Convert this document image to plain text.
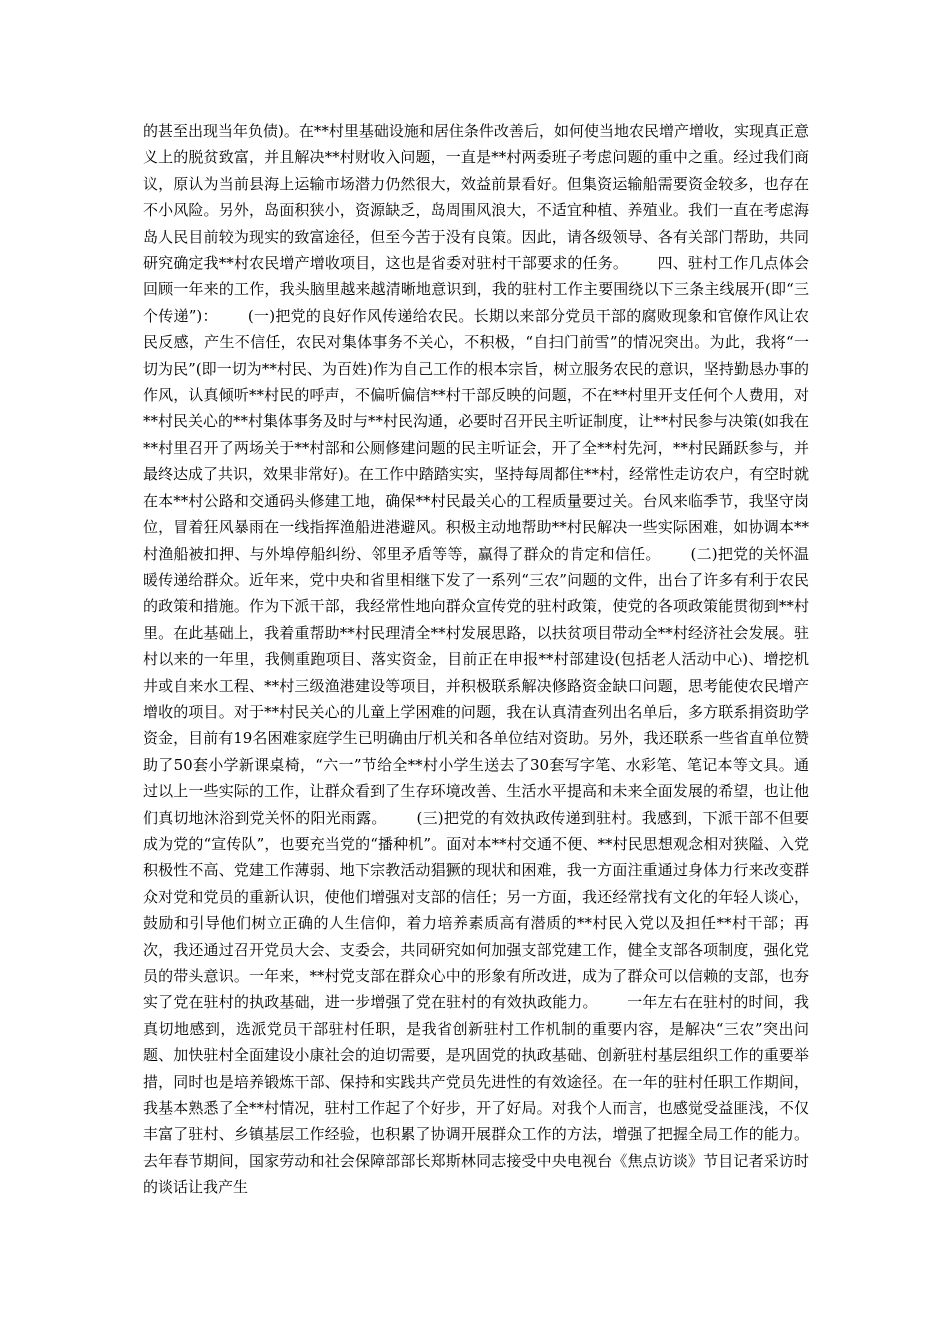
的甚至出现当年负债)。在**村里基础设施和居住条件改善后，如何使当地农民增产增收，实现真正意义上的脱贫致富，并且解决**村财收入问题，一直是**村两委班子考虑问题的重中之重。经过我们商议，原认为当前县海上运输市场潜力仍然很大，效益前景看好。但集资运输船需要资金较多，也存在不小风险。另外，岛面积狭小，资源缺乏，岛周围风浪大，不适宜种植、养殖业。我们一直在考虑海岛人民目前较为现实的致富途径，但至今苦于没有良策。因此，请各级领导、各有关部门帮助，共同研究确定我**村农民增产增收项目，这也是省委对驻村干部要求的任务。      四、驻村工作几点体会      回顾一年来的工作，我头脑里越来越清晰地意识到，我的驻村工作主要围绕以下三条主线展开(即“三个传递”)：      (一)把党的良好作风传递给农民。长期以来部分党员干部的腐败现象和官僚作风让农民反感，产生不信任，农民对集体事务不关心，不积极，“自扫门前雪”的情况突出。为此，我将“一切为民”(即一切为**村民、为百姓)作为自己工作的根本宗旨，树立服务农民的意识，坚持勤恳办事的作风，认真倾听**村民的呼声，不偏听偏信**村干部反映的问题，不在**村里开支任何个人费用，对**村民关心的**村集体事务及时与**村民沟通，必要时召开民主听证制度，让**村民参与决策(如我在**村里召开了两场关于**村部和公厕修建问题的民主听证会，开了全**村先河，**村民踊跃参与，并最终达成了共识，效果非常好)。在工作中踏踏实实，坚持每周都住**村，经常性走访农户，有空时就在本**村公路和交通码头修建工地，确保**村民最关心的工程质量要过关。台风来临季节，我坚守岗位，冒着狂风暴雨在一线指挥渔船进港避风。积极主动地帮助**村民解决一些实际困难，如协调本**村渔船被扣押、与外埠停船纠纷、邻里矛盾等等，赢得了群众的肯定和信任。      (二)把党的关怀温暖传递给群众。近年来，党中央和省里相继下发了一系列“三农”问题的文件，出台了许多有利于农民的政策和措施。作为下派干部，我经常性地向群众宣传党的驻村政策，使党的各项政策能贯彻到**村里。在此基础上，我着重帮助**村民理清全**村发展思路，以扶贫项目带动全**村经济社会发展。驻村以来的一年里，我侧重跑项目、落实资金，目前正在申报**村部建设(包括老人活动中心)、增挖机井或自来水工程、**村三级渔港建设等项目，并积极联系解决修路资金缺口问题，思考能使农民增产增收的项目。对于**村民关心的儿童上学困难的问题，我在认真清查列出名单后，多方联系捐资助学资金，目前有19名困难家庭学生已明确由厅机关和各单位结对资助。另外，我还联系一些省直单位赞助了50套小学新课桌椅，“六一”节给全**村小学生送去了30套写字笔、水彩笔、笔记本等文具。通过以上一些实际的工作，让群众看到了生存环境改善、生活水平提高和未来全面发展的希望，也让他们真切地沐浴到党关怀的阳光雨露。      (三)把党的有效执政传递到驻村。我感到，下派干部不但要成为党的“宣传队”，也要充当党的“播种机”。面对本**村交通不便、**村民思想观念相对狭隘、入党积极性不高、党建工作薄弱、地下宗教活动猖獗的现状和困难，我一方面注重通过身体力行来改变群众对党和党员的重新认识，使他们增强对支部的信任；另一方面，我还经常找有文化的年轻人谈心，鼓励和引导他们树立正确的人生信仰，着力培养素质高有潜质的**村民入党以及担任**村干部；再次，我还通过召开党员大会、支委会，共同研究如何加强支部党建工作，健全支部各项制度，强化党员的带头意识。一年来，**村党支部在群众心中的形象有所改进，成为了群众可以信赖的支部，也夯实了党在驻村的执政基础，进一步增强了党在驻村的有效执政能力。      一年左右在驻村的时间，我真切地感到，选派党员干部驻村任职，是我省创新驻村工作机制的重要内容，是解决“三农”突出问题、加快驻村全面建设小康社会的迫切需要，是巩固党的执政基础、创新驻村基层组织工作的重要举措，同时也是培养锻炼干部、保持和实践共产党员先进性的有效途径。在一年的驻村任职工作期间，我基本熟悉了全**村情况，驻村工作起了个好步，开了好局。对我个人而言，也感觉受益匪浅，不仅丰富了驻村、乡镇基层工作经验，也积累了协调开展群众工作的方法，增强了把握全局工作的能力。      去年春节期间，国家劳动和社会保障部部长郑斯林同志接受中央电视台《焦点访谈》节目记者采访时的谈话让我产生
